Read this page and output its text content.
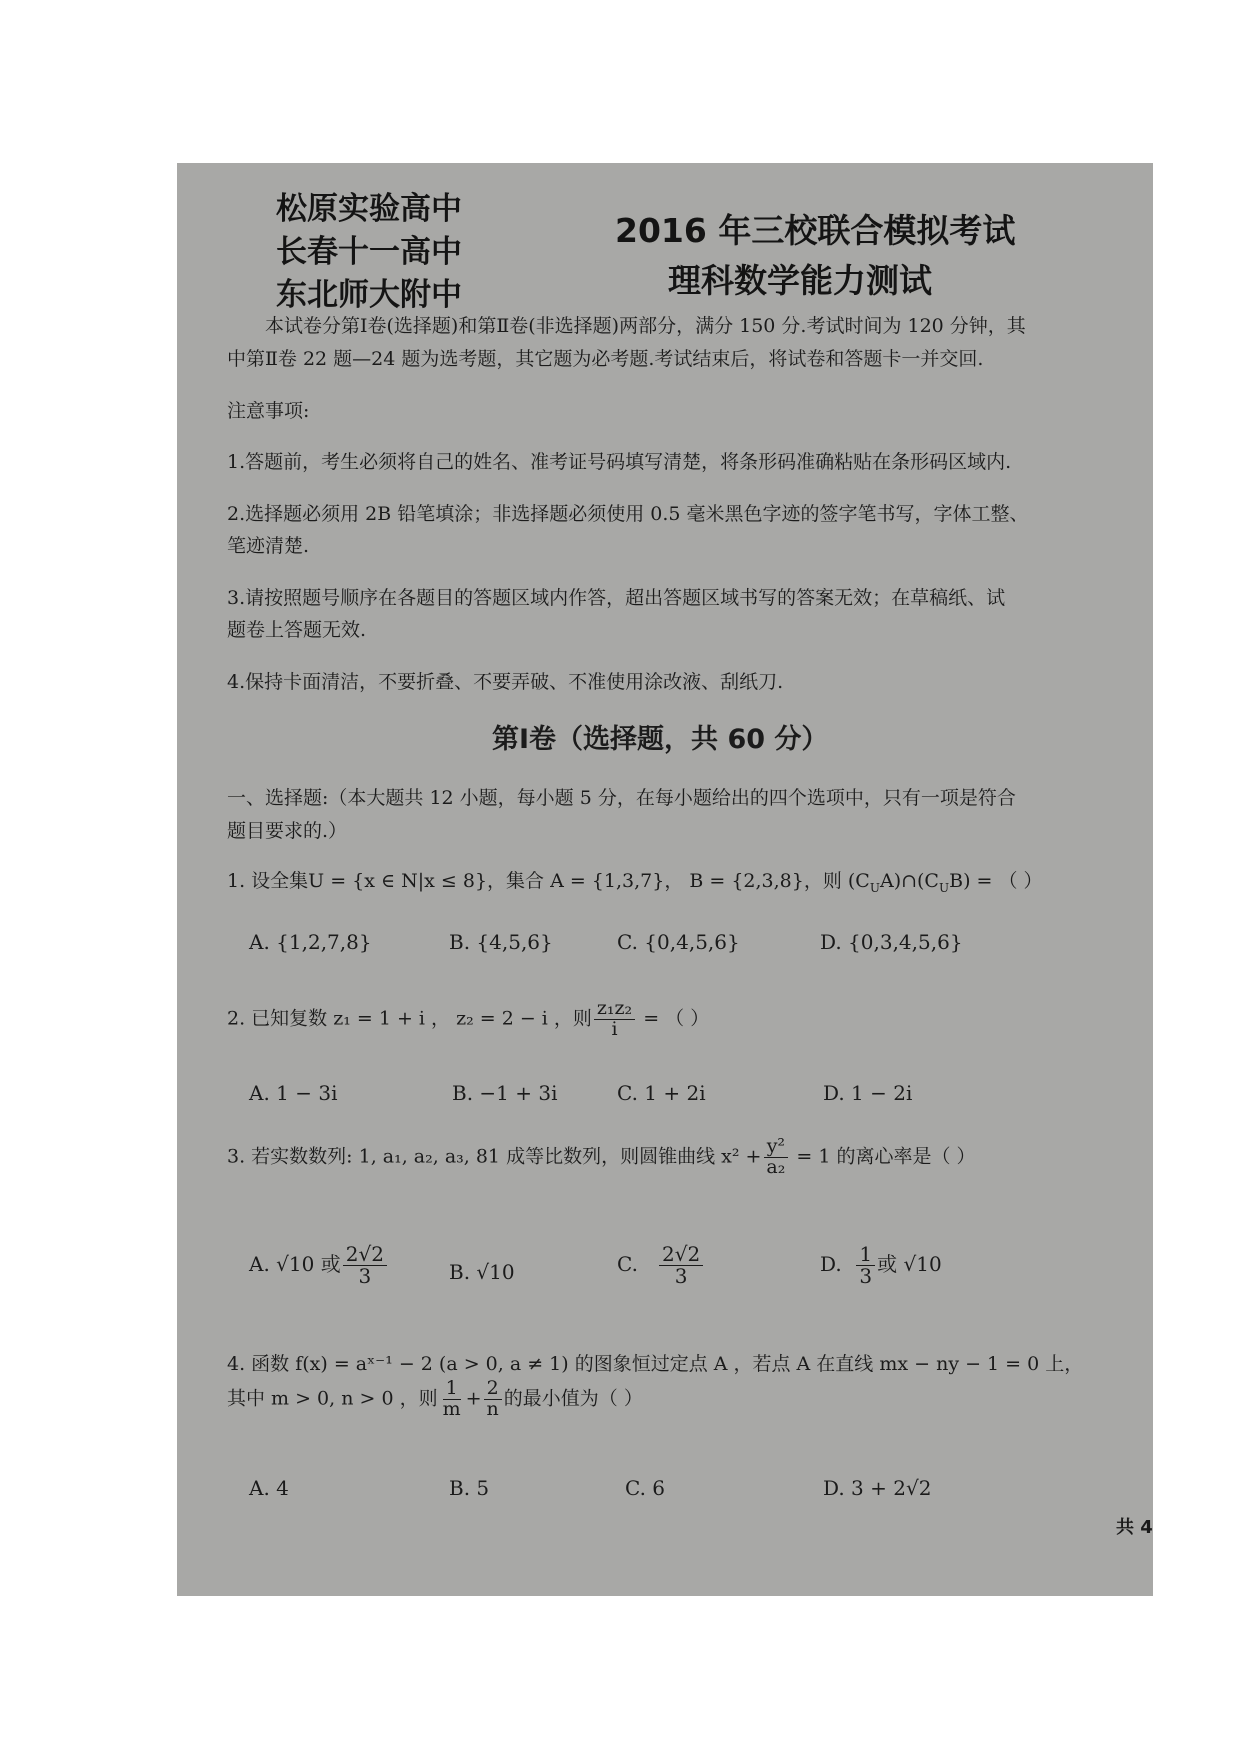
松原实验高中
长春十一高中
东北师大附中
2016 年三校联合模拟考试
理科数学能力测试
本试卷分第Ⅰ卷(选择题)和第Ⅱ卷(非选择题)两部分，满分 150 分.考试时间为 120 分钟，其
中第Ⅱ卷 22 题—24 题为选考题，其它题为必考题.考试结束后，将试卷和答题卡一并交回.
注意事项:
1.答题前，考生必须将自己的姓名、准考证号码填写清楚，将条形码准确粘贴在条形码区域内.
2.选择题必须用 2B 铅笔填涂；非选择题必须使用 0.5 毫米黑色字迹的签字笔书写，字体工整、
笔迹清楚.
3.请按照题号顺序在各题目的答题区域内作答，超出答题区域书写的答案无效；在草稿纸、试
题卷上答题无效.
4.保持卡面清洁，不要折叠、不要弄破、不准使用涂改液、刮纸刀.
第Ⅰ卷（选择题，共 60 分）
一、选择题:（本大题共 12 小题，每小题 5 分，在每小题给出的四个选项中，只有一项是符合
题目要求的.）
1. 设全集U = {x ∈ N|x ≤ 8}，集合 A = {1,3,7}， B = {2,3,8}，则 $(C_UA)\cap(C_UB)$ = （ ）
A. {1,2,7,8}	B. {4,5,6}	C. {0,4,5,6}	D. {0,3,4,5,6}
2. 已知复数 z₁ = 1 + i ， z₂ = 2 − i ，则 $\frac{\text{z₁z₂}}{i}$ = （ ）
A. 1 − 3i	B. −1 + 3i	C. 1 + 2i	D. 1 − 2i
3. 若实数数列: 1, a₁, a₂, a₃, 81 成等比数列，则圆锥曲线 $x^2 + \frac{\text{y²}}{\text{a₂}} = 1$ 的离心率是（ ）
A. √10 或 $\frac{2√2}{3}$	B. √10	C. $\frac{2√2}{3}$	D. $\frac{1}{3}$ 或 √10
4. 函数 f(x) = aˣ⁻¹ − 2 (a > 0, a ≠ 1) 的图象恒过定点 A ，若点 A 在直线 mx − ny − 1 = 0 上，
其中 m > 0, n > 0 ，则 $\frac{1}{m} + \frac{2}{n}$ 的最小值为（ ）
A. 4	B. 5	C. 6	D. 3 + 2√2
共 4
